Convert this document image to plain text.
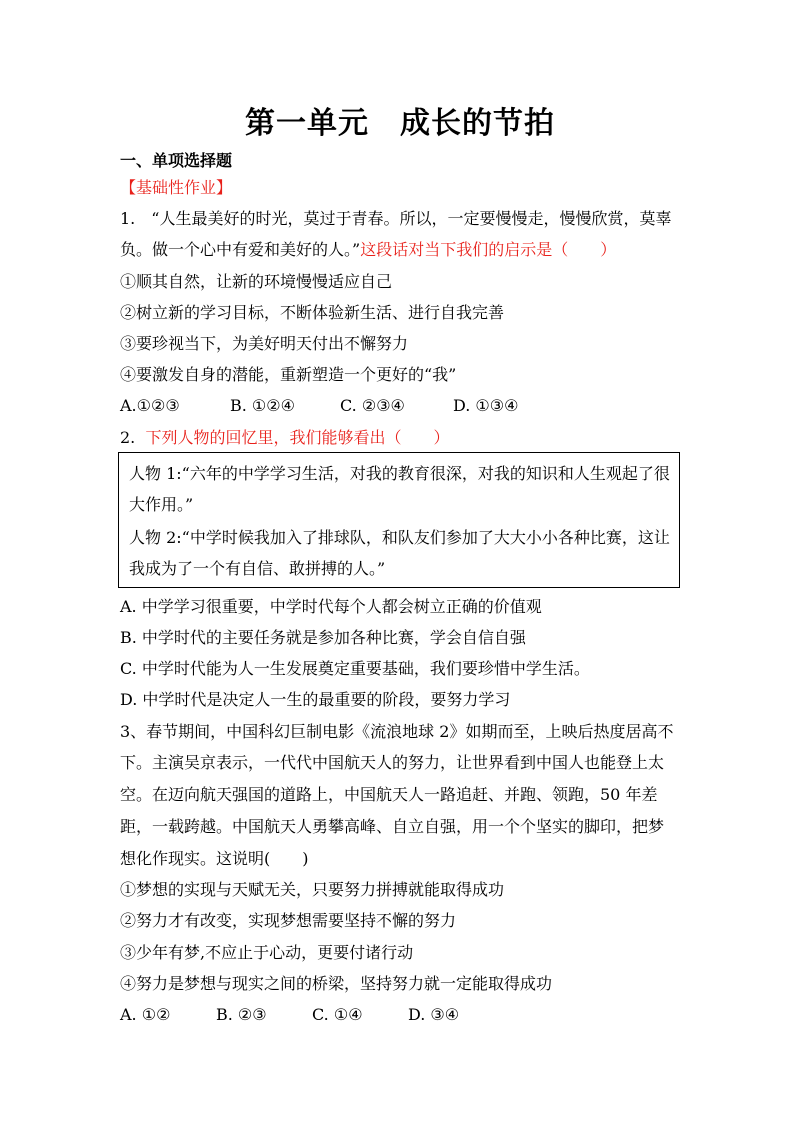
第一单元　成长的节拍
一、单项选择题
【基础性作业】
1.　“人生最美好的时光，莫过于青春。所以，一定要慢慢走，慢慢欣赏，莫辜
负。做一个心中有爱和美好的人。”这段话对当下我们的启示是（　　）
①顺其自然，让新的环境慢慢适应自己
②树立新的学习目标，不断体验新生活、进行自我完善
③要珍视当下，为美好明天付出不懈努力
④要激发自身的潜能，重新塑造一个更好的“我”
A.①②③	B. ①②④	C. ②③④	D. ①③④
2. 下列人物的回忆里，我们能够看出（　　）
人物 1:“六年的中学学习生活，对我的教育很深，对我的知识和人生观起了很
大作用。”
人物 2:“中学时候我加入了排球队，和队友们参加了大大小小各种比赛，这让
我成为了一个有自信、敢拼搏的人。”
A. 中学学习很重要，中学时代每个人都会树立正确的价值观
B. 中学时代的主要任务就是参加各种比赛，学会自信自强
C. 中学时代能为人一生发展奠定重要基础，我们要珍惜中学生活。
D. 中学时代是决定人一生的最重要的阶段，要努力学习
3、春节期间，中国科幻巨制电影《流浪地球 2》如期而至，上映后热度居高不
下。主演吴京表示，一代代中国航天人的努力，让世界看到中国人也能登上太
空。在迈向航天强国的道路上，中国航天人一路追赶、并跑、领跑，50 年差
距，一载跨越。中国航天人勇攀高峰、自立自强，用一个个坚实的脚印，把梦
想化作现实。这说明(　　)
①梦想的实现与天赋无关，只要努力拼搏就能取得成功
②努力才有改变，实现梦想需要坚持不懈的努力
③少年有梦,不应止于心动，更要付诸行动
④努力是梦想与现实之间的桥梁，坚持努力就一定能取得成功
A. ①②	B. ②③	C. ①④	D. ③④
